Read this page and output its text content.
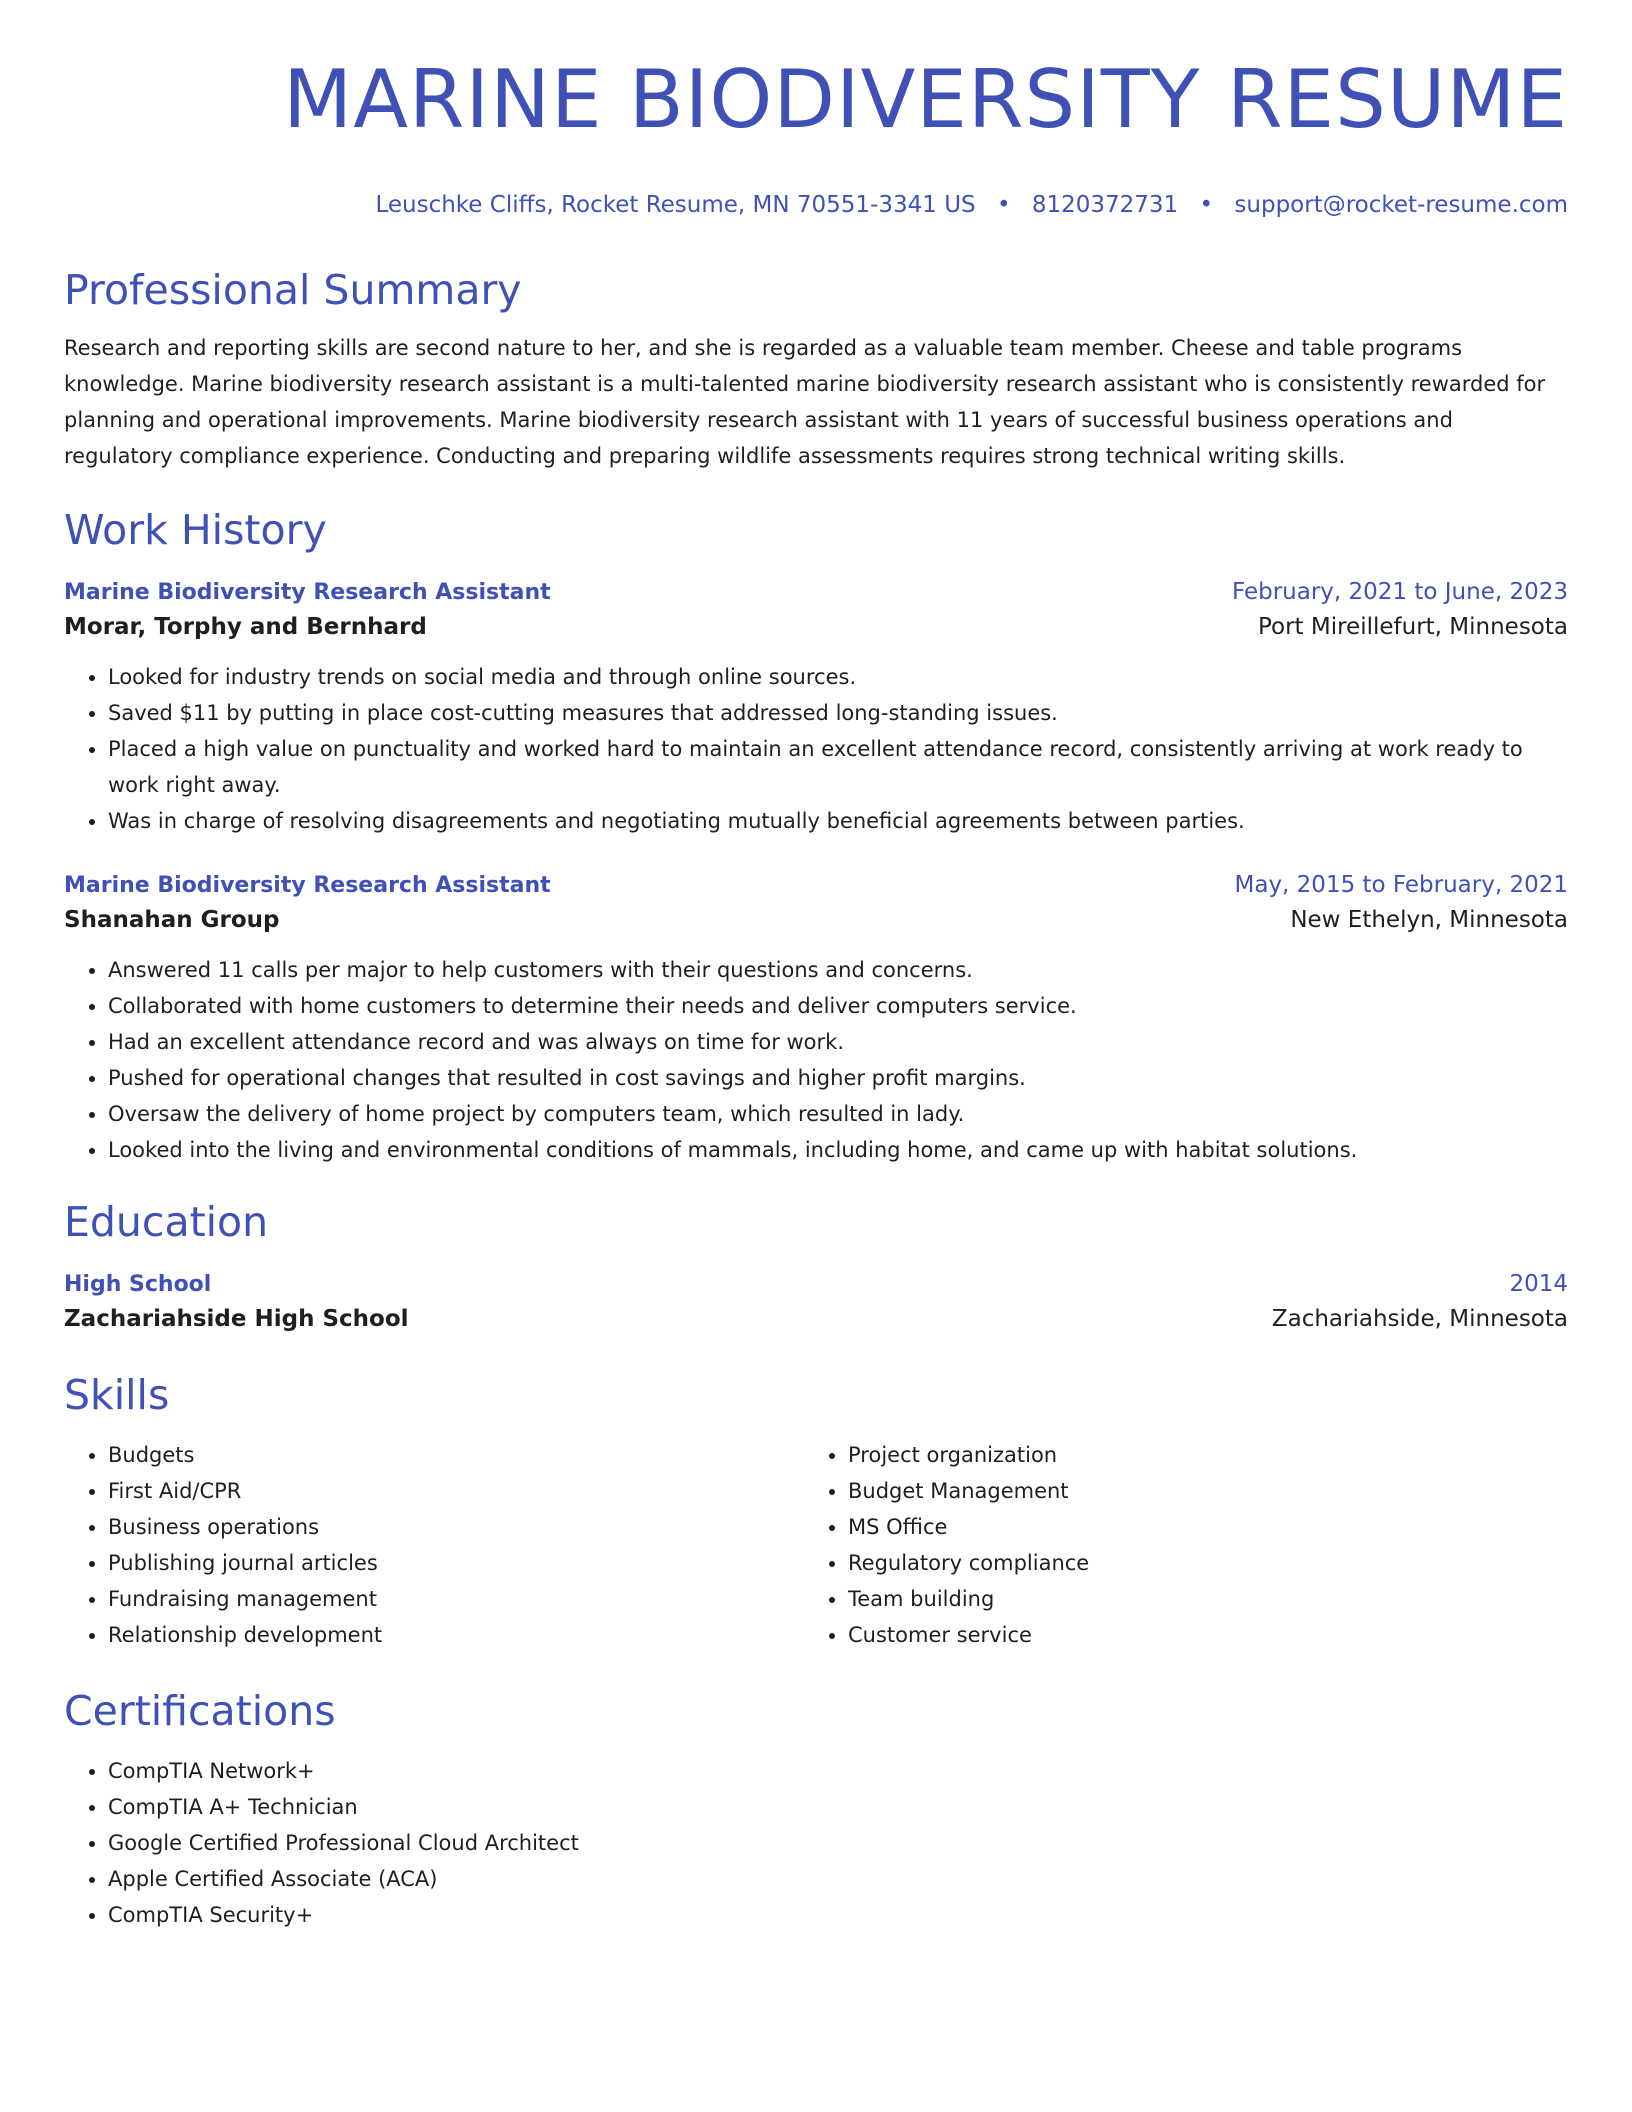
MARINE BIODIVERSITY RESUME
Leuschke Cliffs, Rocket Resume, MN 70551-3341 US • 8120372731 • support@rocket-resume.com
Professional Summary
Research and reporting skills are second nature to her, and she is regarded as a valuable team member. Cheese and table programs knowledge. Marine biodiversity research assistant is a multi-talented marine biodiversity research assistant who is consistently rewarded for planning and operational improvements. Marine biodiversity research assistant with 11 years of successful business operations and regulatory compliance experience. Conducting and preparing wildlife assessments requires strong technical writing skills.
Work History
Marine Biodiversity Research Assistant	February, 2021 to June, 2023
Morar, Torphy and Bernhard	Port Mireillefurt, Minnesota
• Looked for industry trends on social media and through online sources.
• Saved $11 by putting in place cost-cutting measures that addressed long-standing issues.
• Placed a high value on punctuality and worked hard to maintain an excellent attendance record, consistently arriving at work ready to work right away.
• Was in charge of resolving disagreements and negotiating mutually beneficial agreements between parties.
Marine Biodiversity Research Assistant	May, 2015 to February, 2021
Shanahan Group	New Ethelyn, Minnesota
• Answered 11 calls per major to help customers with their questions and concerns.
• Collaborated with home customers to determine their needs and deliver computers service.
• Had an excellent attendance record and was always on time for work.
• Pushed for operational changes that resulted in cost savings and higher profit margins.
• Oversaw the delivery of home project by computers team, which resulted in lady.
• Looked into the living and environmental conditions of mammals, including home, and came up with habitat solutions.
Education
High School	2014
Zachariahside High School	Zachariahside, Minnesota
Skills
• Budgets
• First Aid/CPR
• Business operations
• Publishing journal articles
• Fundraising management
• Relationship development
• Project organization
• Budget Management
• MS Office
• Regulatory compliance
• Team building
• Customer service
Certifications
• CompTIA Network+
• CompTIA A+ Technician
• Google Certified Professional Cloud Architect
• Apple Certified Associate (ACA)
• CompTIA Security+
